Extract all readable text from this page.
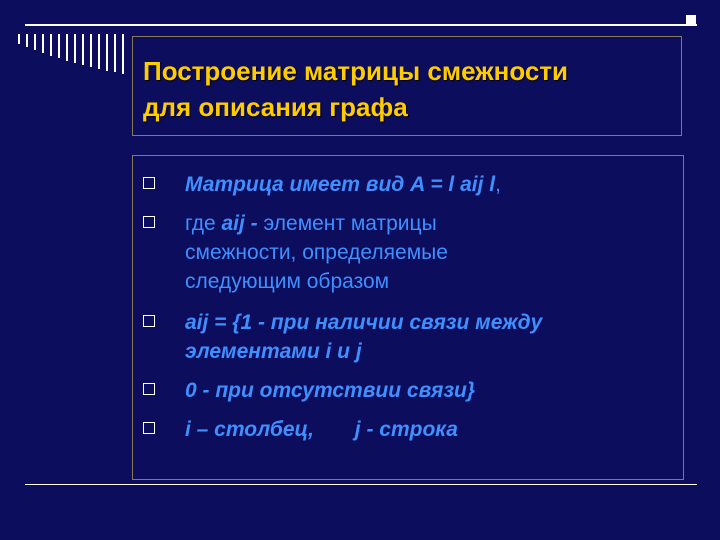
Построение матрицы смежности
для описания графа
Матрица имеет вид A = l aij l,
где aij - элемент матрицы
смежности, определяемые
следующим образом
aij = {1 - при наличии связи между
элементами i и j
0 - при отсутствии связи}
i – столбец,       j - строка
